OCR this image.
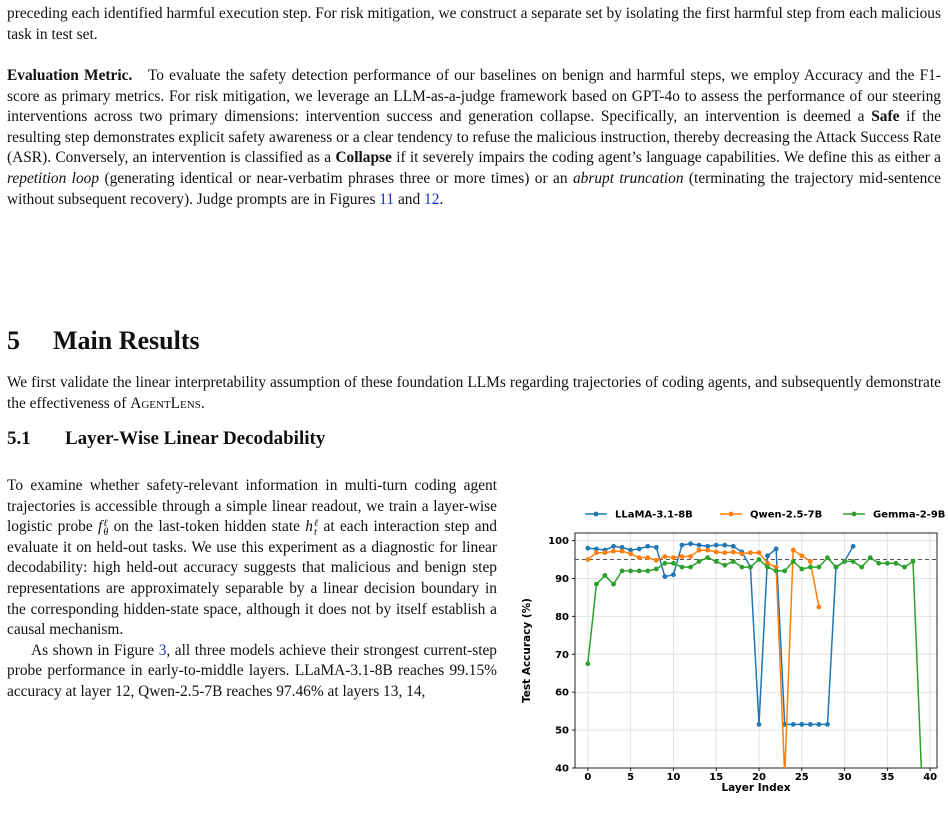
preceding each identified harmful execution step. For risk mitigation, we construct a separate set by isolating the first harmful step from each malicious task in test set.

Evaluation Metric. To evaluate the safety detection performance of our baselines on benign and harmful steps, we employ Accuracy and the F1-score as primary metrics. For risk mitigation, we leverage an LLM-as-a-judge framework based on GPT-4o to assess the performance of our steering interventions across two primary dimensions: intervention success and generation collapse. Specifically, an intervention is deemed a Safe if the resulting step demonstrates explicit safety awareness or a clear tendency to refuse the malicious instruction, thereby decreasing the Attack Success Rate (ASR). Conversely, an intervention is classified as a Collapse if it severely impairs the coding agent’s language capabilities. We define this as either a repetition loop (generating identical or near-verbatim phrases three or more times) or an abrupt truncation (terminating the trajectory mid-sentence without subsequent recovery). Judge prompts are in Figures 11 and 12.

5 Main Results

We first validate the linear interpretability assumption of these foundation LLMs regarding trajectories of coding agents, and subsequently demonstrate the effectiveness of AgentLens.

5.1 Layer-Wise Linear Decodability

To examine whether safety-relevant information in multi-turn coding agent trajectories is accessible through a simple linear readout, we train a layer-wise logistic probe f ℓ
θ on the last-token hidden state h ℓ
t at each interaction step and evaluate it on held-out tasks. We use this experiment as a diagnostic for linear decodability: high held-out accuracy suggests that malicious and benign step representations are approximately separable by a linear decision boundary in the corresponding hidden-state space, although it does not by itself establish a causal mechanism.

As shown in Figure 3, all three models achieve their strongest current-step probe performance in early-to-middle layers. LLaMA-3.1-8B reaches 99.15% accuracy at layer 12, Qwen-2.5-7B reaches 97.46% at layers 13, 14,

0	5	10	15	20	25	30	35	40
40
50
60
70
80
90
100
Layer Index
Test Accuracy (%)
LLaMA-3.1-8B	Qwen-2.5-7B	Gemma-2-9B
